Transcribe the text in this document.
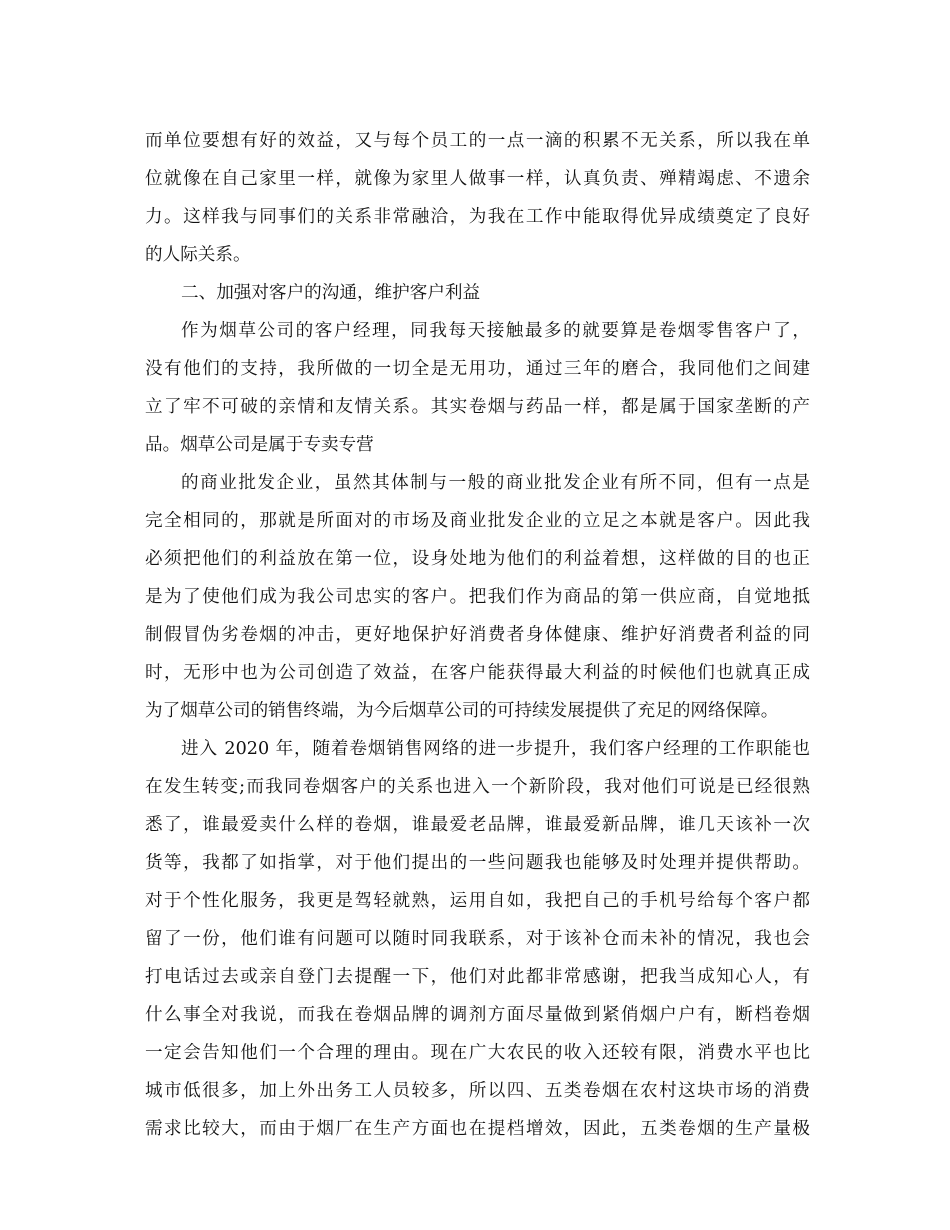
而单位要想有好的效益，又与每个员工的一点一滴的积累不无关系，所以我在单
位就像在自己家里一样，就像为家里人做事一样，认真负责、殚精竭虑、不遗余
力。这样我与同事们的关系非常融洽，为我在工作中能取得优异成绩奠定了良好
的人际关系。
二、加强对客户的沟通，维护客户利益
作为烟草公司的客户经理，同我每天接触最多的就要算是卷烟零售客户了，
没有他们的支持，我所做的一切全是无用功，通过三年的磨合，我同他们之间建
立了牢不可破的亲情和友情关系。其实卷烟与药品一样，都是属于国家垄断的产
品。烟草公司是属于专卖专营
的商业批发企业，虽然其体制与一般的商业批发企业有所不同，但有一点是
完全相同的，那就是所面对的市场及商业批发企业的立足之本就是客户。因此我
必须把他们的利益放在第一位，设身处地为他们的利益着想，这样做的目的也正
是为了使他们成为我公司忠实的客户。把我们作为商品的第一供应商，自觉地抵
制假冒伪劣卷烟的冲击，更好地保护好消费者身体健康、维护好消费者利益的同
时，无形中也为公司创造了效益，在客户能获得最大利益的时候他们也就真正成
为了烟草公司的销售终端，为今后烟草公司的可持续发展提供了充足的网络保障。
进入 2020 年，随着卷烟销售网络的进一步提升，我们客户经理的工作职能也
在发生转变;而我同卷烟客户的关系也进入一个新阶段，我对他们可说是已经很熟
悉了，谁最爱卖什么样的卷烟，谁最爱老品牌，谁最爱新品牌，谁几天该补一次
货等，我都了如指掌，对于他们提出的一些问题我也能够及时处理并提供帮助。
对于个性化服务，我更是驾轻就熟，运用自如，我把自己的手机号给每个客户都
留了一份，他们谁有问题可以随时同我联系，对于该补仓而未补的情况，我也会
打电话过去或亲自登门去提醒一下，他们对此都非常感谢，把我当成知心人，有
什么事全对我说，而我在卷烟品牌的调剂方面尽量做到紧俏烟户户有，断档卷烟
一定会告知他们一个合理的理由。现在广大农民的收入还较有限，消费水平也比
城市低很多，加上外出务工人员较多，所以四、五类卷烟在农村这块市场的消费
需求比较大，而由于烟厂在生产方面也在提档增效，因此，五类卷烟的生产量极
